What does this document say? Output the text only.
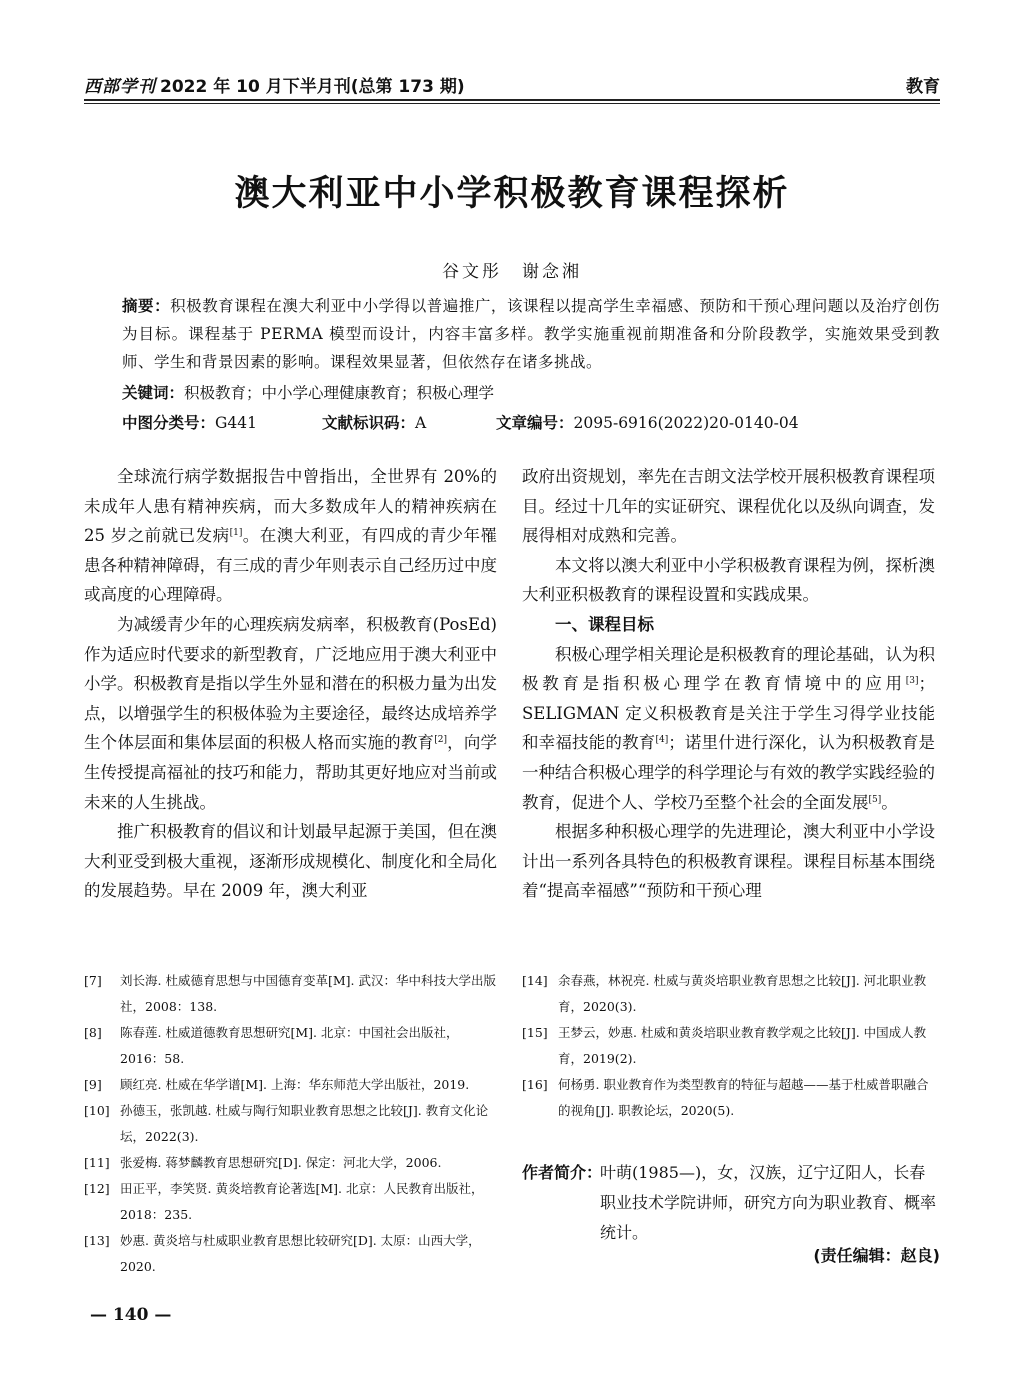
西部学刊 2022 年 10 月下半月刊(总第 173 期)	教育
澳大利亚中小学积极教育课程探析
谷文彤　谢念湘
摘要：积极教育课程在澳大利亚中小学得以普遍推广，该课程以提高学生幸福感、预防和干预心理问题以及治疗创伤为目标。课程基于 PERMA 模型而设计，内容丰富多样。教学实施重视前期准备和分阶段教学，实施效果受到教师、学生和背景因素的影响。课程效果显著，但依然存在诸多挑战。
关键词：积极教育；中小学心理健康教育；积极心理学
中图分类号：G441	文献标识码：A	文章编号：2095-6916(2022)20-0140-04

全球流行病学数据报告中曾指出，全世界有 20%的未成年人患有精神疾病，而大多数成年人的精神疾病在 25 岁之前就已发病[1]。在澳大利亚，有四成的青少年罹患各种精神障碍，有三成的青少年则表示自己经历过中度或高度的心理障碍。

为减缓青少年的心理疾病发病率，积极教育(PosEd)作为适应时代要求的新型教育，广泛地应用于澳大利亚中小学。积极教育是指以学生外显和潜在的积极力量为出发点，以增强学生的积极体验为主要途径，最终达成培养学生个体层面和集体层面的积极人格而实施的教育[2]，向学生传授提高福祉的技巧和能力，帮助其更好地应对当前或未来的人生挑战。

推广积极教育的倡议和计划最早起源于美国，但在澳大利亚受到极大重视，逐渐形成规模化、制度化和全局化的发展趋势。早在 2009 年，澳大利亚

政府出资规划，率先在吉朗文法学校开展积极教育课程项目。经过十几年的实证研究、课程优化以及纵向调查，发展得相对成熟和完善。

本文将以澳大利亚中小学积极教育课程为例，探析澳大利亚积极教育的课程设置和实践成果。

一、课程目标

积极心理学相关理论是积极教育的理论基础，认为积极教育是指积极心理学在教育情境中的应用[3]；SELIGMAN 定义积极教育是关注于学生习得学业技能和幸福技能的教育[4]；诺里什进行深化，认为积极教育是一种结合积极心理学的科学理论与有效的教学实践经验的教育，促进个人、学校乃至整个社会的全面发展[5]。

根据多种积极心理学的先进理论，澳大利亚中小学设计出一系列各具特色的积极教育课程。课程目标基本围绕着“提高幸福感”“预防和干预心理

[7] 刘长海. 杜威德育思想与中国德育变革[M]. 武汉：华中科技大学出版社，2008：138.

[8] 陈春莲. 杜威道德教育思想研究[M]. 北京：中国社会出版社，2016：58.

[9] 顾红亮. 杜威在华学谱[M]. 上海：华东师范大学出版社，2019.

[10] 孙德玉，张凯越. 杜威与陶行知职业教育思想之比较[J]. 教育文化论坛，2022(3).

[11] 张爱梅. 蒋梦麟教育思想研究[D]. 保定：河北大学，2006.

[12] 田正平，李笑贤. 黄炎培教育论著选[M]. 北京：人民教育出版社，2018：235.

[13] 妙惠. 黄炎培与杜威职业教育思想比较研究[D]. 太原：山西大学，2020.

[14] 余春燕，林祝亮. 杜威与黄炎培职业教育思想之比较[J]. 河北职业教育，2020(3).

[15] 王梦云，妙惠. 杜威和黄炎培职业教育教学观之比较[J]. 中国成人教育，2019(2).

[16] 何杨勇. 职业教育作为类型教育的特征与超越——基于杜威普职融合的视角[J]. 职教论坛，2020(5).

作者简介：
叶萌(1985—)，女，汉族，辽宁辽阳人，长春职业技术学院讲师，研究方向为职业教育、概率统计。
(责任编辑：赵良)
— 140 —
